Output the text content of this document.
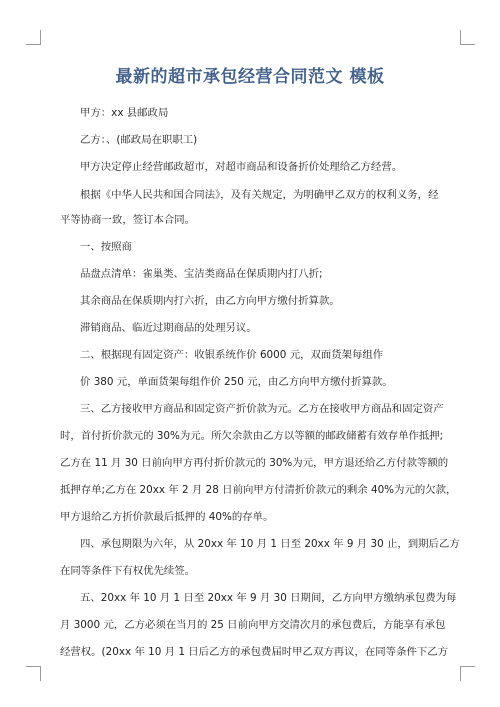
最新的超市承包经营合同范文 模板
甲方：xx 县邮政局
乙方：、(邮政局在职职工)
甲方决定停止经营邮政超市，对超市商品和设备折价处理给乙方经营。
根据《中华人民共和国合同法》，及有关规定，为明确甲乙双方的权利义务，经
平等协商一致，签订本合同。
一、按照商
品盘点清单：雀巢类、宝洁类商品在保质期内打八折;
其余商品在保质期内打六折，由乙方向甲方缴付折算款。
滞销商品、临近过期商品的处理另议。
二、根据现有固定资产：收银系统作价 6000 元，双面货架每组作
价 380 元，单面货架每组作价 250 元，由乙方向甲方缴付折算款。
三、乙方接收甲方商品和固定资产折价款为元。乙方在接收甲方商品和固定资产
时，首付折价款元的 30%为元。所欠余款由乙方以等额的邮政储蓄有效存单作抵押;
乙方在 11 月 30 日前向甲方再付折价款元的 30%为元，甲方退还给乙方付款等额的
抵押存单;乙方在 20xx 年 2 月 28 日前向甲方付清折价款元的剩余 40%为元的欠款，
甲方退给乙方折价款最后抵押的 40%的存单。
四、承包期限为六年，从 20xx 年 10 月 1 日至 20xx 年 9 月 30 止，到期后乙方
在同等条件下有权优先续签。
五、20xx 年 10 月 1 日至 20xx 年 9 月 30 日期间，乙方向甲方缴纳承包费为每
月 3000 元，乙方必须在当月的 25 日前向甲方交清次月的承包费后，方能享有承包
经营权。(20xx 年 10 月 1 日后乙方的承包费届时甲乙双方再议，在同等条件下乙方
